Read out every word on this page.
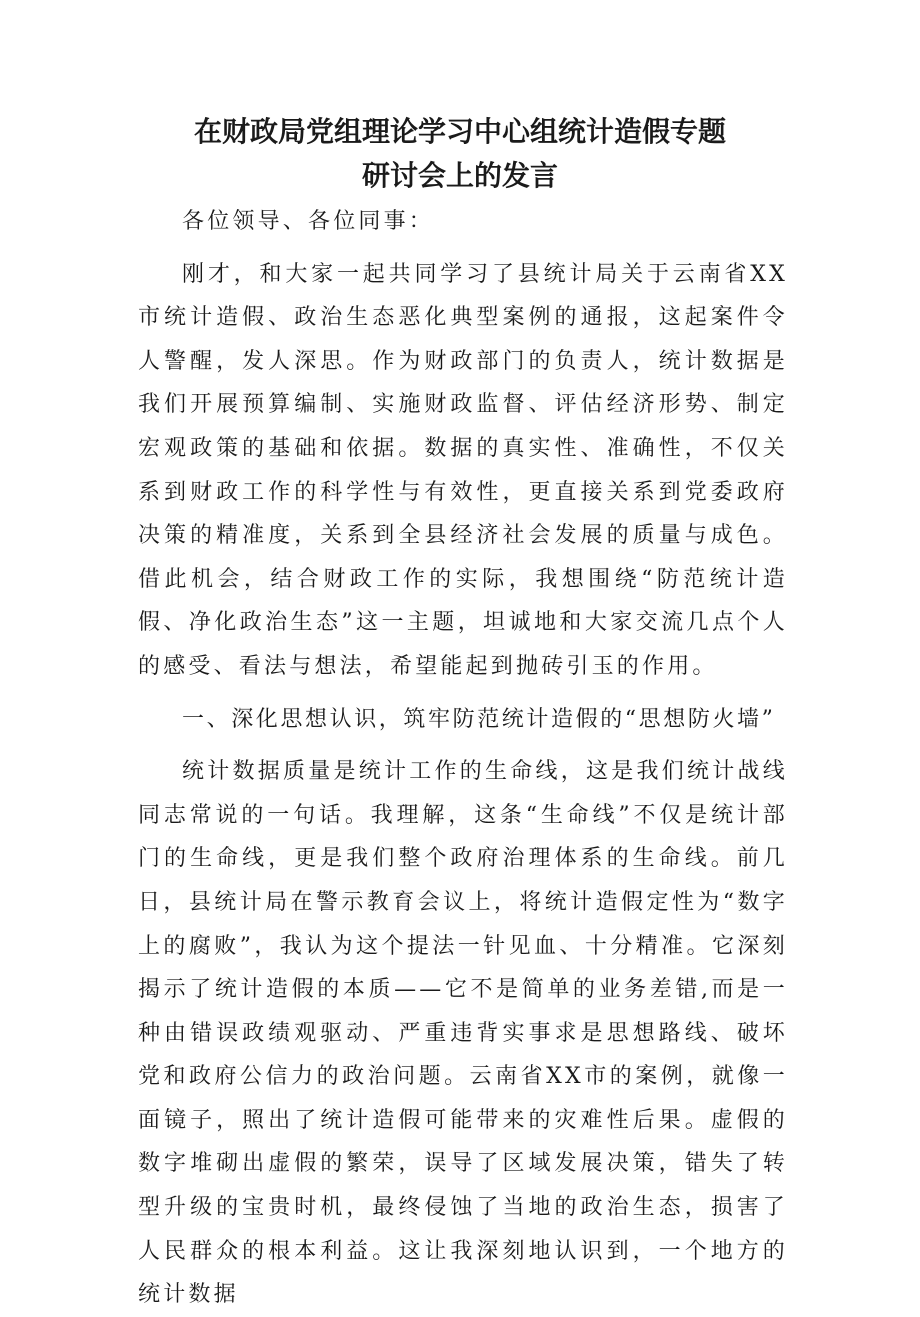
在财政局党组理论学习中心组统计造假专题
研讨会上的发言

各位领导、各位同事：

刚才，和大家一起共同学习了县统计局关于云南省XX市统计造假、政治生态恶化典型案例的通报，这起案件令人警醒，发人深思。作为财政部门的负责人，统计数据是我们开展预算编制、实施财政监督、评估经济形势、制定宏观政策的基础和依据。数据的真实性、准确性，不仅关系到财政工作的科学性与有效性，更直接关系到党委政府决策的精准度，关系到全县经济社会发展的质量与成色。借此机会，结合财政工作的实际，我想围绕“防范统计造假、净化政治生态”这一主题，坦诚地和大家交流几点个人的感受、看法与想法，希望能起到抛砖引玉的作用。

一、深化思想认识，筑牢防范统计造假的“思想防火墙”

统计数据质量是统计工作的生命线，这是我们统计战线同志常说的一句话。我理解，这条“生命线”不仅是统计部门的生命线，更是我们整个政府治理体系的生命线。前几日，县统计局在警示教育会议上，将统计造假定性为“数字上的腐败”，我认为这个提法一针见血、十分精准。它深刻揭示了统计造假的本质——它不是简单的业务差错,而是一种由错误政绩观驱动、严重违背实事求是思想路线、破坏党和政府公信力的政治问题。云南省XX市的案例，就像一面镜子，照出了统计造假可能带来的灾难性后果。虚假的数字堆砌出虚假的繁荣，误导了区域发展决策，错失了转型升级的宝贵时机，最终侵蚀了当地的政治生态，损害了人民群众的根本利益。这让我深刻地认识到，一个地方的统计数据
